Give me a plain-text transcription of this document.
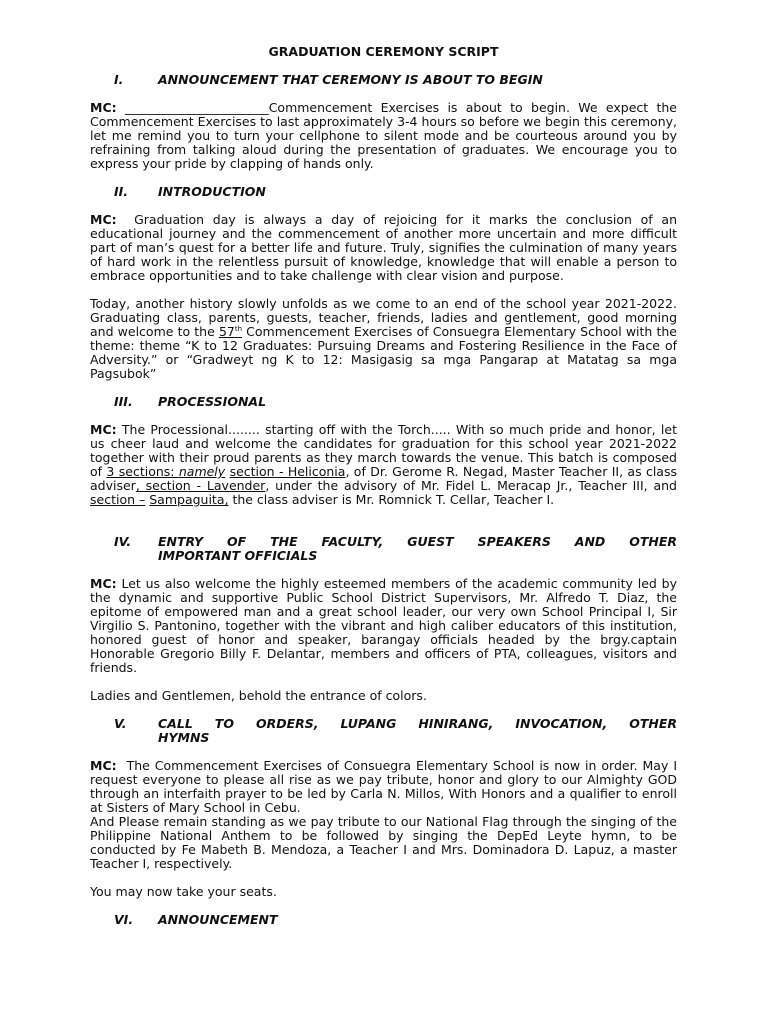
GRADUATION CEREMONY SCRIPT
I.	ANNOUNCEMENT THAT CEREMONY IS ABOUT TO BEGIN

MC: _______________________Commencement Exercises is about to begin. We expect the Commencement Exercises to last approximately 3-4 hours so before we begin this ceremony, let me remind you to turn your cellphone to silent mode and be courteous around you by refraining from talking aloud during the presentation of graduates. We encourage you to express your pride by clapping of hands only.

II. INTRODUCTION

MC: Graduation day is always a day of rejoicing for it marks the conclusion of an educational journey and the commencement of another more uncertain and more difficult part of man’s quest for a better life and future. Truly, signifies the culmination of many years of hard work in the relentless pursuit of knowledge, knowledge that will enable a person to embrace opportunities and to take challenge with clear vision and purpose.

Today, another history slowly unfolds as we come to an end of the school year 2021-2022. Graduating class, parents, guests, teacher, friends, ladies and gentlement, good morning and welcome to the 57th Commencement Exercises of Consuegra Elementary School with the theme: theme “K to 12 Graduates: Pursuing Dreams and Fostering Resilience in the Face of Adversity.” or “Gradweyt ng K to 12: Masigasig sa mga Pangarap at Matatag sa mga Pagsubok”

III. PROCESSIONAL

MC: The Processional........ starting off with the Torch..... With so much pride and honor, let us cheer laud and welcome the candidates for graduation for this school year 2021-2022 together with their proud parents as they march towards the venue. This batch is composed of 3 sections: namely section - Heliconia, of Dr. Gerome R. Negad, Master Teacher II, as class adviser, section - Lavender, under the advisory of Mr. Fidel L. Meracap Jr., Teacher III, and section – Sampaguita, the class adviser is Mr. Romnick T. Cellar, Teacher I.

IV. ENTRY OF THE FACULTY, GUEST SPEAKERS AND OTHER
IMPORTANT OFFICIALS

MC: Let us also welcome the highly esteemed members of the academic community led by the dynamic and supportive Public School District Supervisors, Mr. Alfredo T. Diaz, the epitome of empowered man and a great school leader, our very own School Principal I, Sir Virgilio S. Pantonino, together with the vibrant and high caliber educators of this institution, honored guest of honor and speaker, barangay officials headed by the brgy.captain Honorable Gregorio Billy F. Delantar, members and officers of PTA, colleagues, visitors and friends.

Ladies and Gentlemen, behold the entrance of colors.

V.	CALL TO ORDERS, LUPANG HINIRANG, INVOCATION, OTHER
HYMNS

MC: The Commencement Exercises of Consuegra Elementary School is now in order. May I request everyone to please all rise as we pay tribute, honor and glory to our Almighty GOD through an interfaith prayer to be led by Carla N. Millos, With Honors and a qualifier to enroll at Sisters of Mary School in Cebu.

And Please remain standing as we pay tribute to our National Flag through the singing of the Philippine National Anthem to be followed by singing the DepEd Leyte hymn, to be conducted by Fe Mabeth B. Mendoza, a Teacher I and Mrs. Dominadora D. Lapuz, a master Teacher I, respectively.

You may now take your seats.

VI. ANNOUNCEMENT
